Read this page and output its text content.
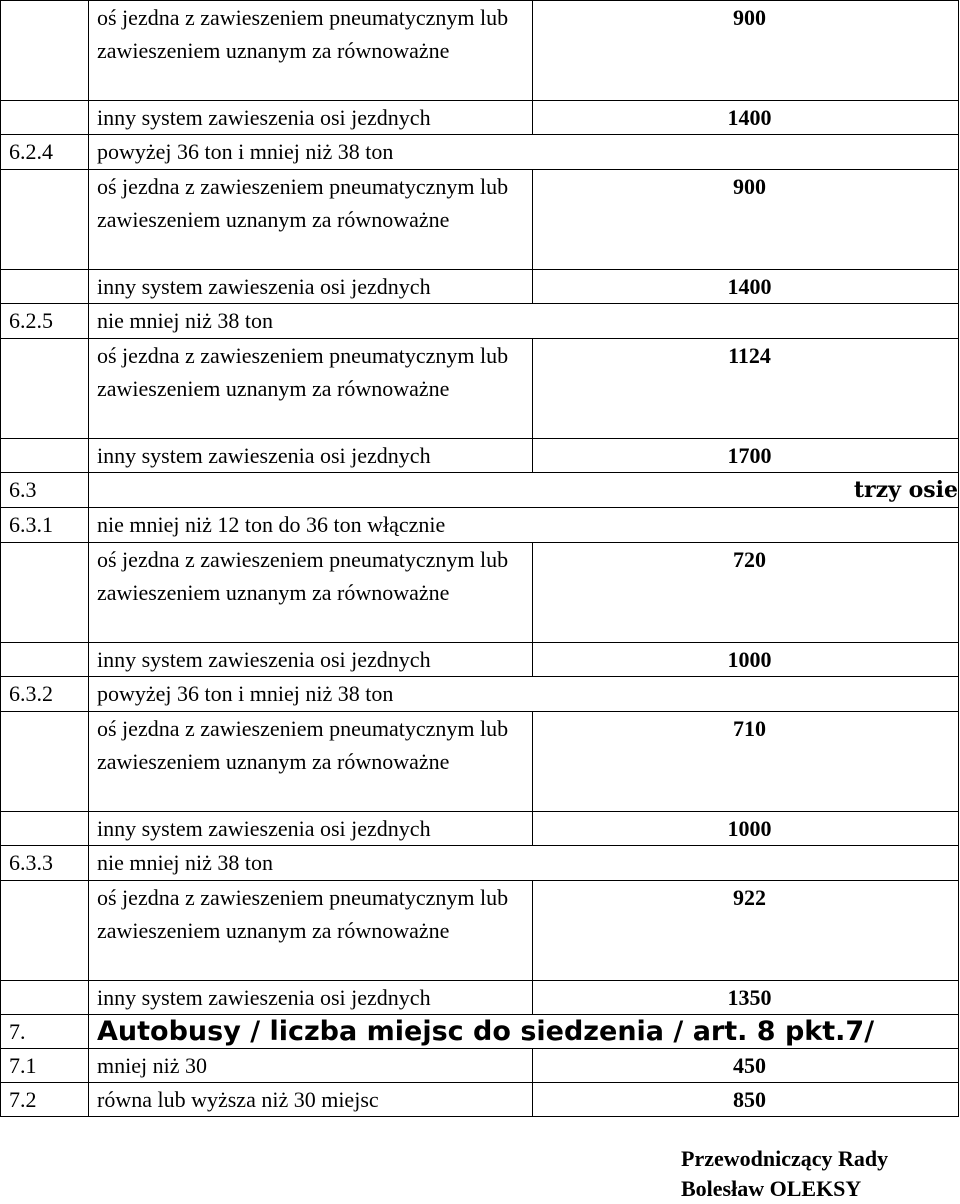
	oś jezdna z zawieszeniem pneumatycznym lub zawieszeniem uznanym za równoważne	900
	inny system zawieszenia osi jezdnych	1400
6.2.4	powyżej 36 ton i mniej niż 38 ton	
	oś jezdna z zawieszeniem pneumatycznym lub zawieszeniem uznanym za równoważne	900
	inny system zawieszenia osi jezdnych	1400
6.2.5	nie mniej niż 38 ton	
	oś jezdna z zawieszeniem pneumatycznym lub zawieszeniem uznanym za równoważne	1124
	inny system zawieszenia osi jezdnych	1700
6.3	trzy osie	
6.3.1	nie mniej niż 12 ton do 36 ton włącznie	
	oś jezdna z zawieszeniem pneumatycznym lub zawieszeniem uznanym za równoważne	720
	inny system zawieszenia osi jezdnych	1000
6.3.2	powyżej 36 ton i mniej niż 38 ton	
	oś jezdna z zawieszeniem pneumatycznym lub zawieszeniem uznanym za równoważne	710
	inny system zawieszenia osi jezdnych	1000
6.3.3	nie mniej niż 38 ton	
	oś jezdna z zawieszeniem pneumatycznym lub zawieszeniem uznanym za równoważne	922
	inny system zawieszenia osi jezdnych	1350
7.	Autobusy / liczba miejsc do siedzenia / art. 8 pkt.7/	
7.1	mniej niż 30	450
7.2	równa lub wyższa niż 30 miejsc	850
Przewodniczący Rady
Bolesław OLEKSY
